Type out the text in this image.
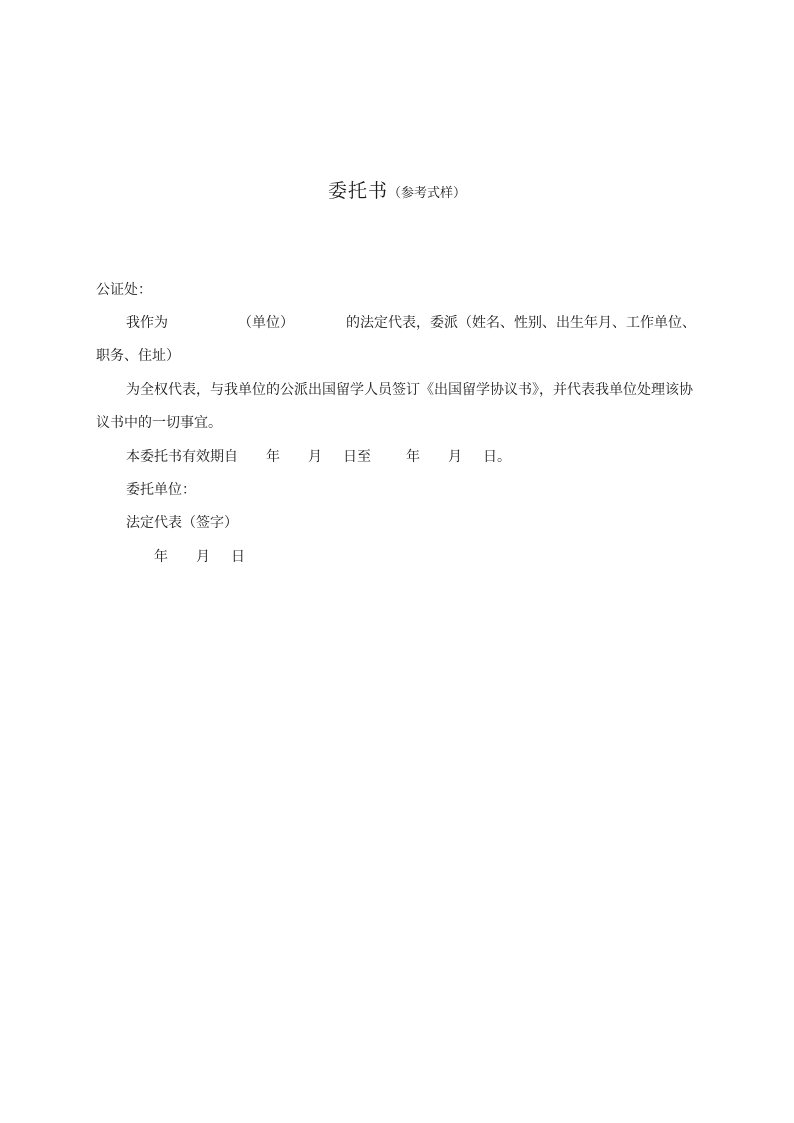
委托书（参考式样）
公证处：
我作为	（单位）	的法定代表，委派（姓名、性别、出生年月、工作单位、
职务、住址）
为全权代表，与我单位的公派出国留学人员签订《出国留学协议书》，并代表我单位处理该协
议书中的一切事宜。
本委托书有效期自 年 月 日至	年 月 日。
委托单位：
法定代表（签字）
年 月 日
